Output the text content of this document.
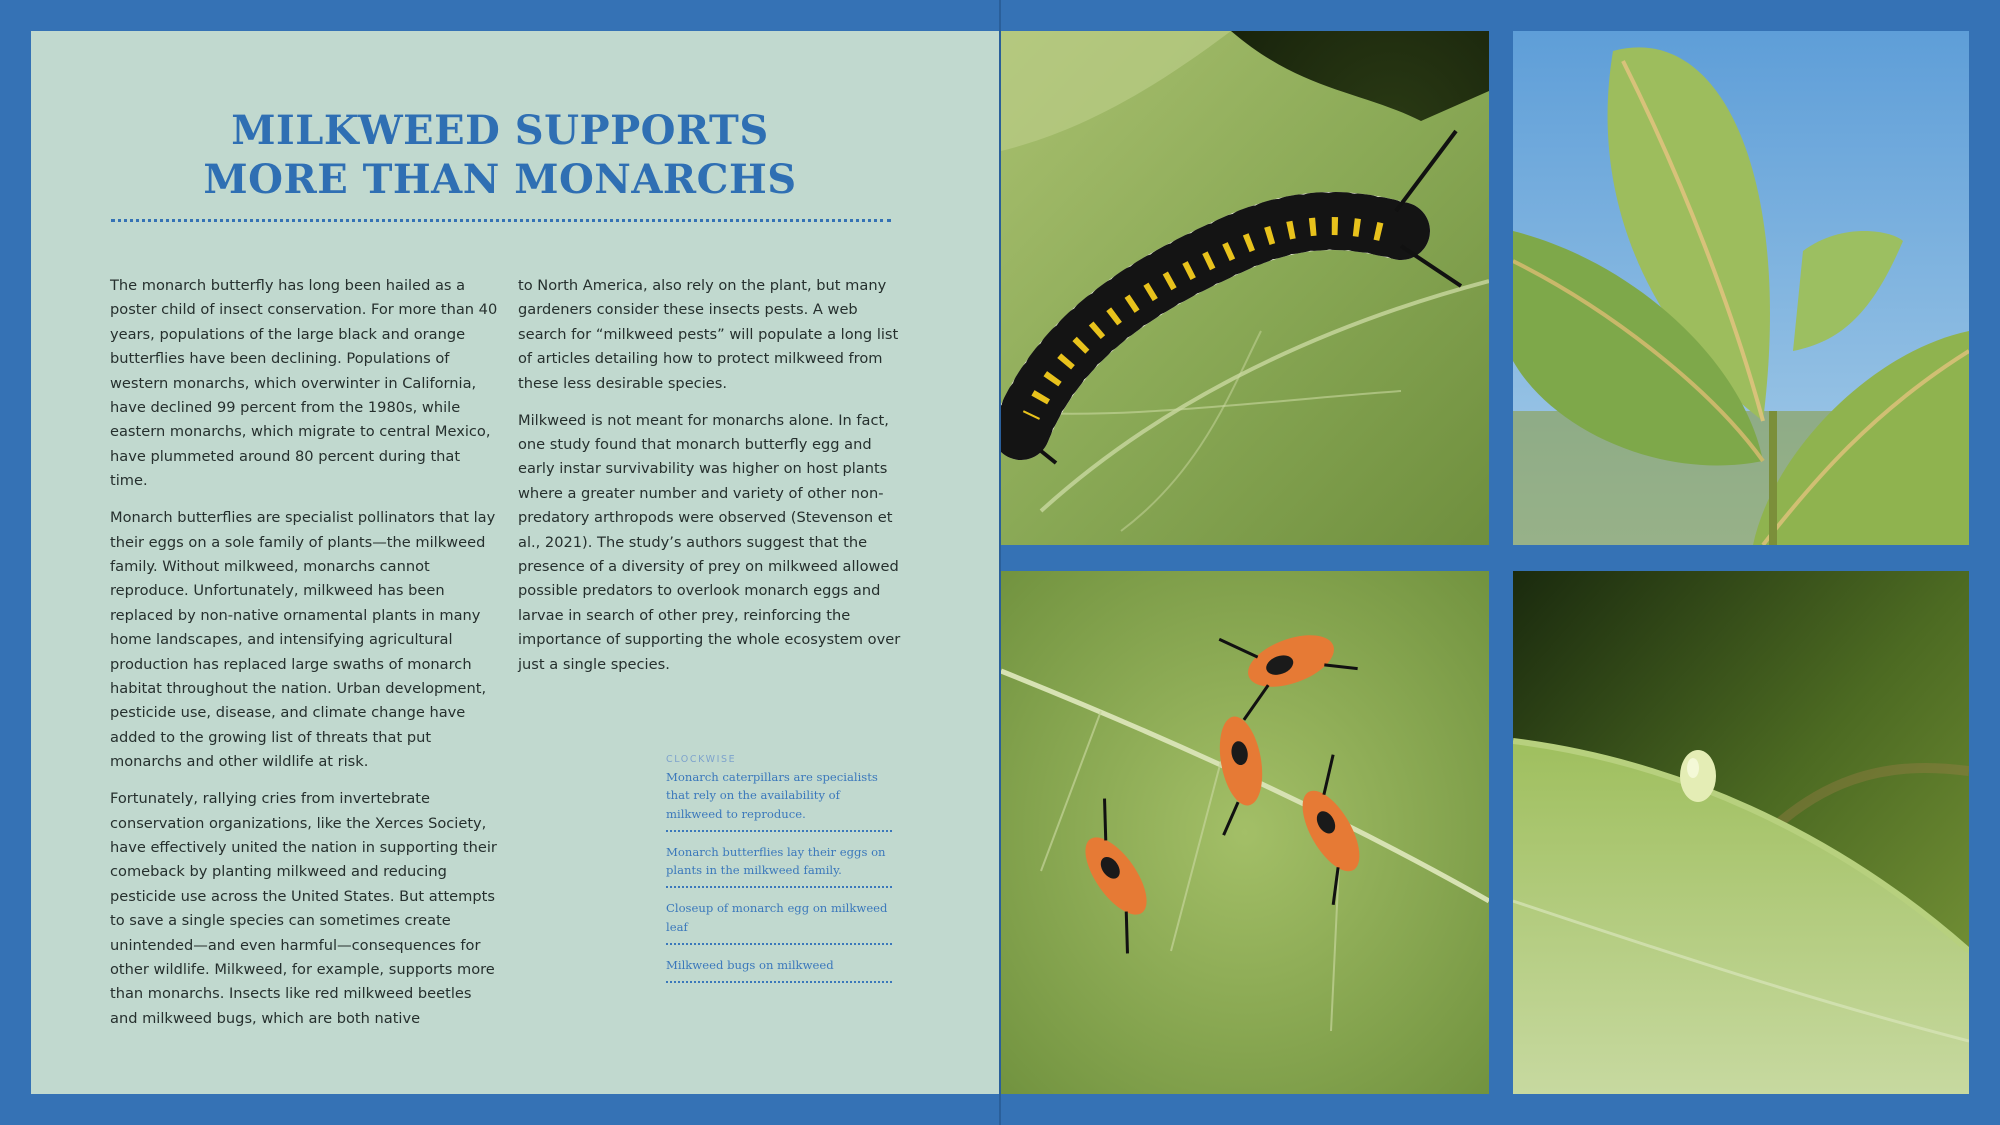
MILKWEED SUPPORTS
MORE THAN MONARCHS

The monarch butterfly has long been hailed as a poster child of insect conservation. For more than 40 years, populations of the large black and orange butterflies have been declining. Populations of western monarchs, which overwinter in California, have declined 99 percent from the 1980s, while eastern monarchs, which migrate to central Mexico, have plummeted around 80 percent during that time.

Monarch butterflies are specialist pollinators that lay their eggs on a sole family of plants—the milkweed family. Without milkweed, monarchs cannot reproduce. Unfortunately, milkweed has been replaced by non-native ornamental plants in many home landscapes, and intensifying agricultural production has replaced large swaths of monarch habitat throughout the nation. Urban development, pesticide use, disease, and climate change have added to the growing list of threats that put monarchs and other wildlife at risk.

Fortunately, rallying cries from invertebrate conservation organizations, like the Xerces Society, have effectively united the nation in supporting their comeback by planting milkweed and reducing pesticide use across the United States. But attempts to save a single species can sometimes create unintended—and even harmful—consequences for other wildlife. Milkweed, for example, supports more than monarchs. Insects like red milkweed beetles and milkweed bugs, which are both native

to North America, also rely on the plant, but many gardeners consider these insects pests. A web search for “milkweed pests” will populate a long list of articles detailing how to protect milkweed from these less desirable species.

Milkweed is not meant for monarchs alone. In fact, one study found that monarch butterfly egg and early instar survivability was higher on host plants where a greater number and variety of other non-predatory arthropods were observed (Stevenson et al., 2021). The study’s authors suggest that the presence of a diversity of prey on milkweed allowed possible predators to overlook monarch eggs and larvae in search of other prey, reinforcing the importance of supporting the whole ecosystem over just a single species.

CLOCKWISE
Monarch caterpillars are specialists that rely on the availability of milkweed to reproduce.
Monarch butterflies lay their eggs on plants in the milkweed family.
Closeup of monarch egg on milkweed leaf
Milkweed bugs on milkweed
